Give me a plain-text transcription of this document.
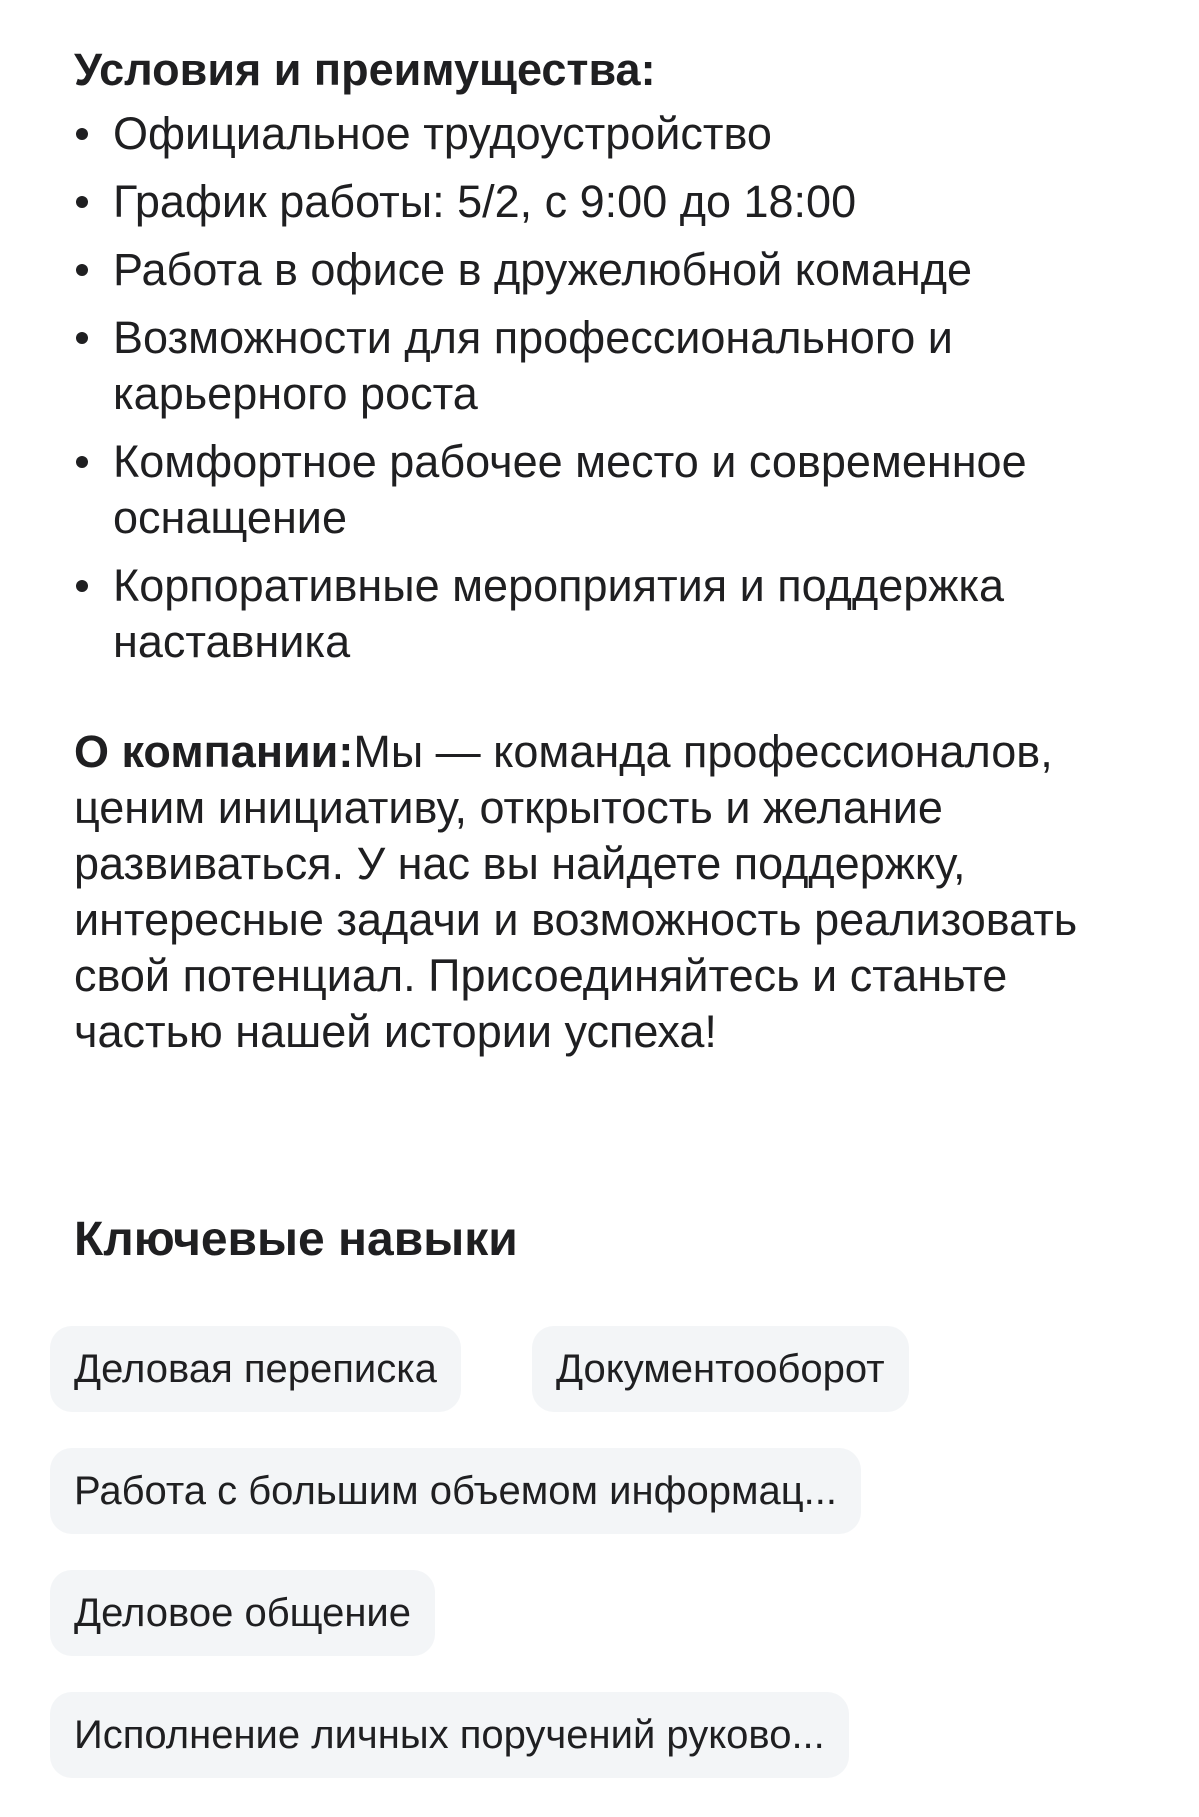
Условия и преимущества:
Официальное трудоустройство
График работы: 5/2, с 9:00 до 18:00
Работа в офисе в дружелюбной команде
Возможности для профессионального и карьерного роста
Комфортное рабочее место и современное оснащение
Корпоративные мероприятия и поддержка наставника

О компании:Мы — команда профессионалов, ценим инициативу, открытость и желание развиваться. У нас вы найдете поддержку, интересные задачи и возможность реализовать свой потенциал. Присоединяйтесь и станьте частью нашей истории успеха!

Ключевые навыки
Деловая переписка	Документооборот
Работа с большим объемом информац...
Деловое общение
Исполнение личных поручений руково...
